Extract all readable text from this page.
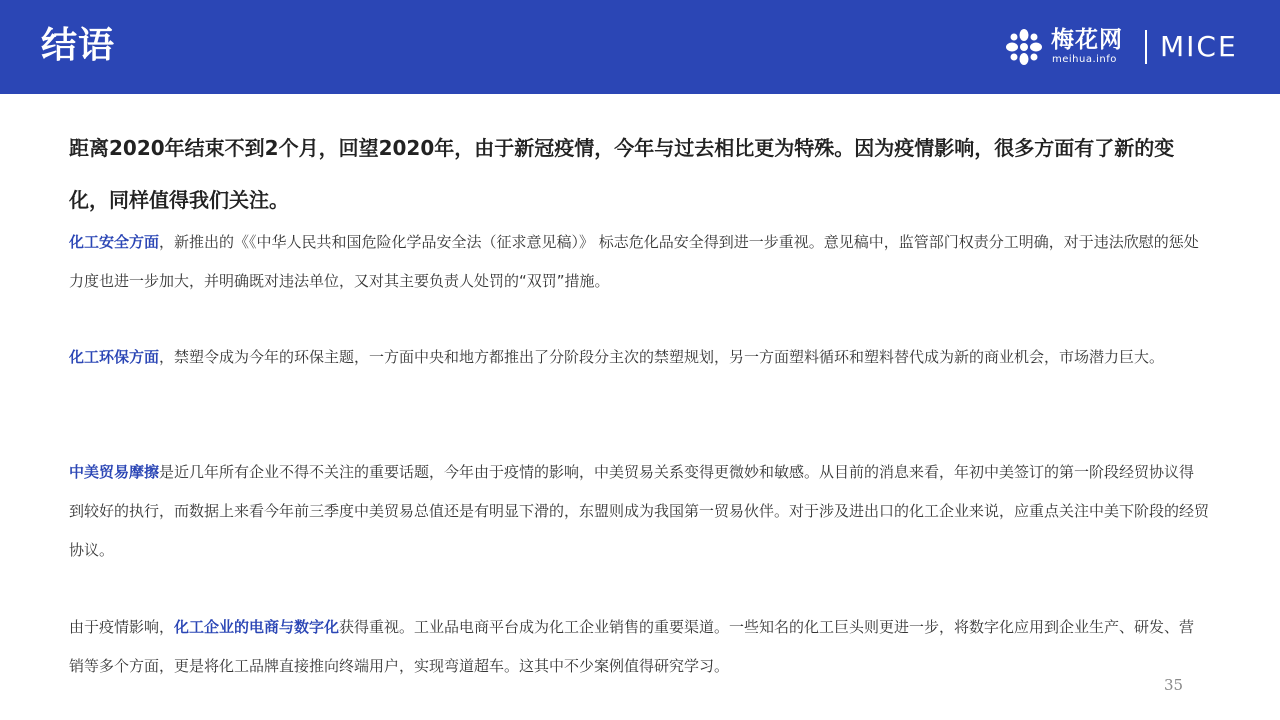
结语	梅花网
meihua.info MICE
距离2020年结束不到2个月，回望2020年，由于新冠疫情，今年与过去相比更为特殊。因为疫情影响，很多方面有了新的变化，同样值得我们关注。
化工安全方面，新推出的《《中华人民共和国危险化学品安全法（征求意见稿）》 标志危化品安全得到进一步重视。意见稿中，监管部门权责分工明确，对于违法欣慰的惩处力度也进一步加大，并明确既对违法单位，又对其主要负责人处罚的“双罚”措施。
化工环保方面，禁塑令成为今年的环保主题，一方面中央和地方都推出了分阶段分主次的禁塑规划，另一方面塑料循环和塑料替代成为新的商业机会，市场潜力巨大。
中美贸易摩擦是近几年所有企业不得不关注的重要话题，今年由于疫情的影响，中美贸易关系变得更微妙和敏感。从目前的消息来看，年初中美签订的第一阶段经贸协议得到较好的执行，而数据上来看今年前三季度中美贸易总值还是有明显下滑的，东盟则成为我国第一贸易伙伴。对于涉及进出口的化工企业来说，应重点关注中美下阶段的经贸协议。
由于疫情影响，化工企业的电商与数字化获得重视。工业品电商平台成为化工企业销售的重要渠道。一些知名的化工巨头则更进一步，将数字化应用到企业生产、研发、营销等多个方面，更是将化工品牌直接推向终端用户，实现弯道超车。这其中不少案例值得研究学习。
35
